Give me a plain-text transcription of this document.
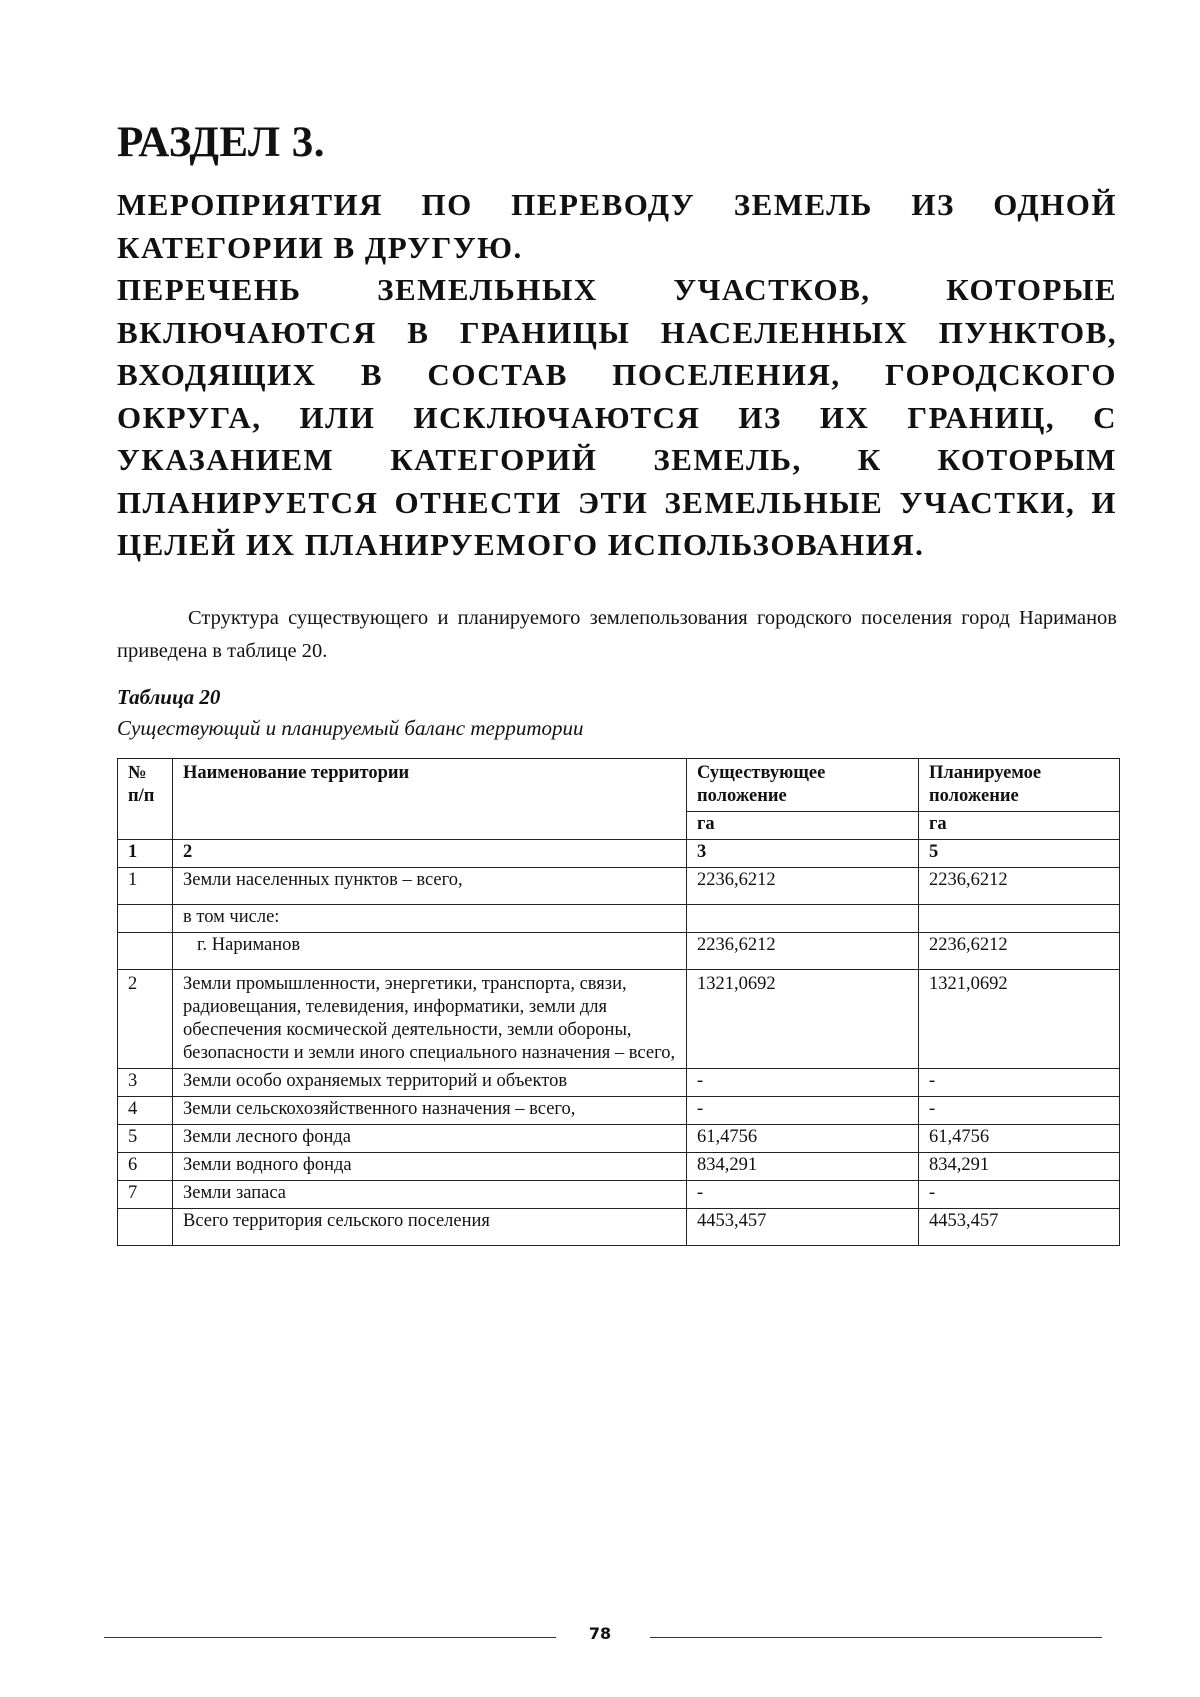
РАЗДЕЛ 3.

МЕРОПРИЯТИЯ ПО ПЕРЕВОДУ ЗЕМЕЛЬ ИЗ ОДНОЙ КАТЕГОРИИ В ДРУГУЮ.

ПЕРЕЧЕНЬ ЗЕМЕЛЬНЫХ УЧАСТКОВ, КОТОРЫЕ ВКЛЮЧАЮТСЯ В ГРАНИЦЫ НАСЕЛЕННЫХ ПУНКТОВ, ВХОДЯЩИХ В СОСТАВ ПОСЕЛЕНИЯ, ГОРОДСКОГО ОКРУГА, ИЛИ ИСКЛЮЧАЮТСЯ ИЗ ИХ ГРАНИЦ, С УКАЗАНИЕМ КАТЕГОРИЙ ЗЕМЕЛЬ, К КОТОРЫМ ПЛАНИРУЕТСЯ ОТНЕСТИ ЭТИ ЗЕМЕЛЬНЫЕ УЧАСТКИ, И ЦЕЛЕЙ ИХ ПЛАНИРУЕМОГО ИСПОЛЬЗОВАНИЯ.

Структура существующего и планируемого землепользования городского поселения город Нариманов приведена в таблице 20.

Таблица 20
Существующий и планируемый баланс территории
№ п/п	Наименование территории	Существующее положение	Планируемое положение
		га	га
1	2	3	5
1	Земли населенных пунктов – всего,	2236,6212	2236,6212
	в том числе:		
	г. Нариманов	2236,6212	2236,6212
2	Земли промышленности, энергетики, транспорта, связи, радиовещания, телевидения, информатики, земли для обеспечения космической деятельности, земли обороны, безопасности и земли иного специального назначения – всего,	1321,0692	1321,0692
3	Земли особо охраняемых территорий и объектов	-	-
4	Земли сельскохозяйственного назначения – всего,	-	-
5	Земли лесного фонда	61,4756	61,4756
6	Земли водного фонда	834,291	834,291
7	Земли запаса	-	-
	Всего территория сельского поселения	4453,457	4453,457
78
